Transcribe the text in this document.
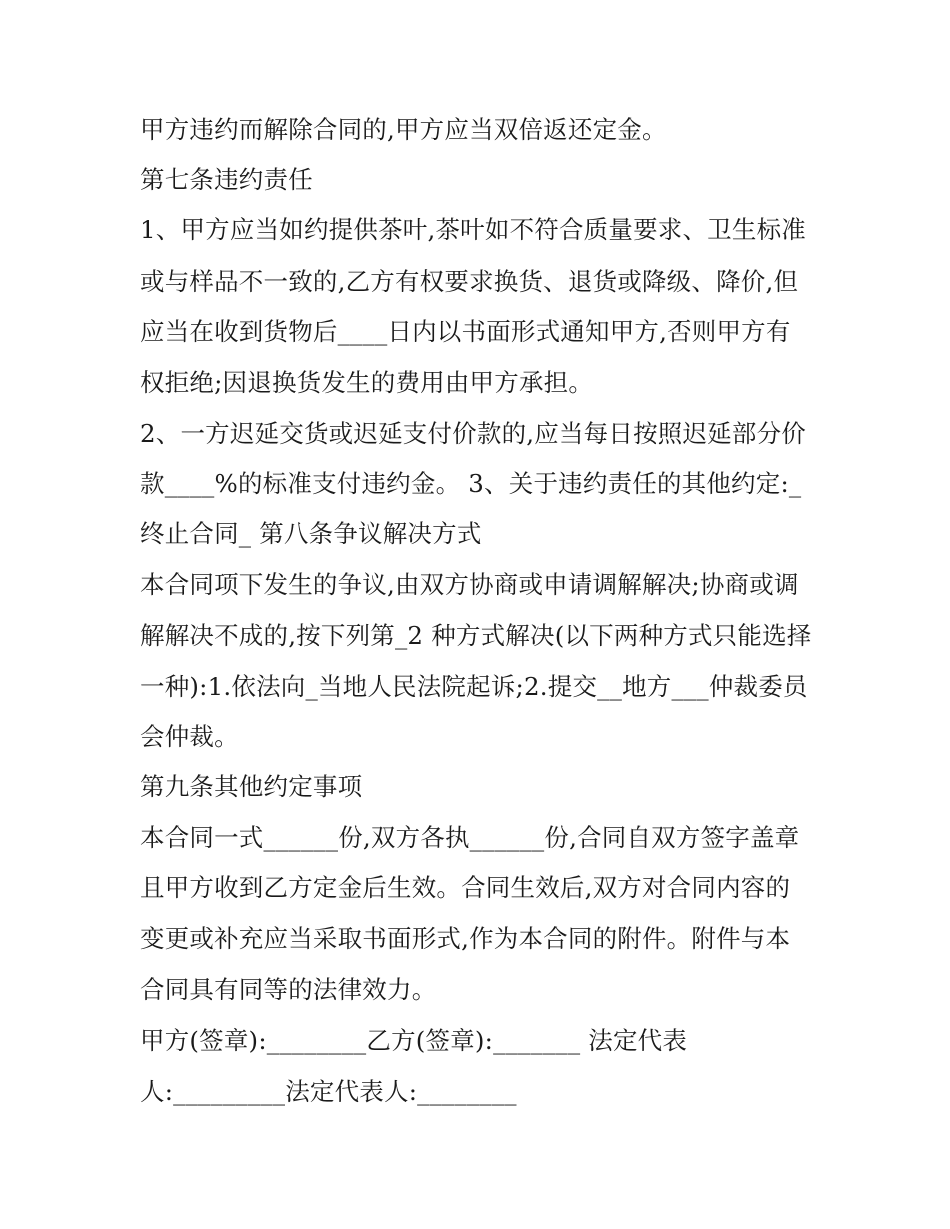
甲方违约而解除合同的,甲方应当双倍返还定金。
第七条违约责任
1、甲方应当如约提供茶叶,茶叶如不符合质量要求、卫生标准
或与样品不一致的,乙方有权要求换货、退货或降级、降价,但
应当在收到货物后____日内以书面形式通知甲方,否则甲方有
权拒绝;因退换货发生的费用由甲方承担。
2、一方迟延交货或迟延支付价款的,应当每日按照迟延部分价
款____%的标准支付违约金。 3、关于违约责任的其他约定:_
终止合同_ 第八条争议解决方式
本合同项下发生的争议,由双方协商或申请调解解决;协商或调
解解决不成的,按下列第_2 种方式解决(以下两种方式只能选择
一种):1.依法向_当地人民法院起诉;2.提交__地方___仲裁委员
会仲裁。
第九条其他约定事项
本合同一式______份,双方各执______份,合同自双方签字盖章
且甲方收到乙方定金后生效。合同生效后,双方对合同内容的
变更或补充应当采取书面形式,作为本合同的附件。附件与本
合同具有同等的法律效力。
甲方(签章):________乙方(签章):_______ 法定代表
人:_________法定代表人:________
